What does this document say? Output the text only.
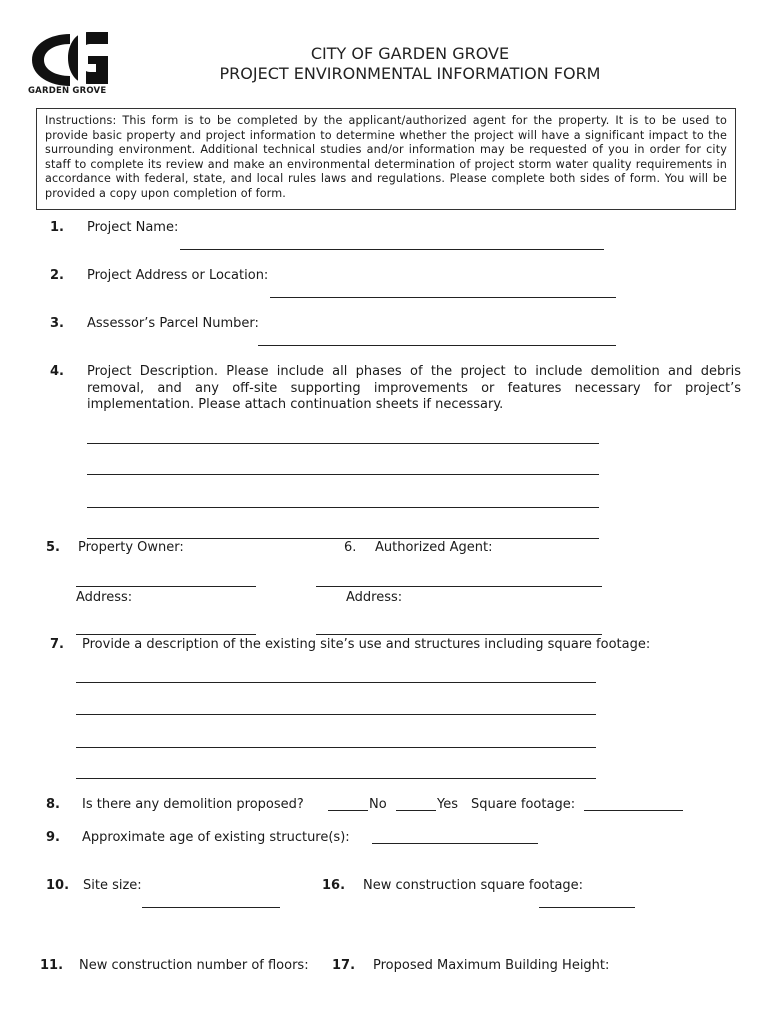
GARDEN GROVE
CITY OF GARDEN GROVE
PROJECT ENVIRONMENTAL INFORMATION FORM
Instructions: This form is to be completed by the applicant/authorized agent for the property. It is to be used to provide basic property and project information to determine whether the project will have a significant impact to the surrounding environment. Additional technical studies and/or information may be requested of you in order for city staff to complete its review and make an environmental determination of project storm water quality requirements in accordance with federal, state, and local rules laws and regulations. Please complete both sides of form. You will be provided a copy upon completion of form.
1. Project Name:
2. Project Address or Location:
3. Assessor’s Parcel Number:
4. Project Description. Please include all phases of the project to include demolition and debris removal, and any off-site supporting improvements or features necessary for project’s implementation. Please attach continuation sheets if necessary.
5. Property Owner:	6. Authorized Agent:
Address:	Address:
7. Provide a description of the existing site’s use and structures including square footage:
8. Is there any demolition proposed?	No	Yes Square footage:
9. Approximate age of existing structure(s):
10. Site size:	16. New construction square footage:
11. New construction number of floors: 17. Proposed Maximum Building Height:
